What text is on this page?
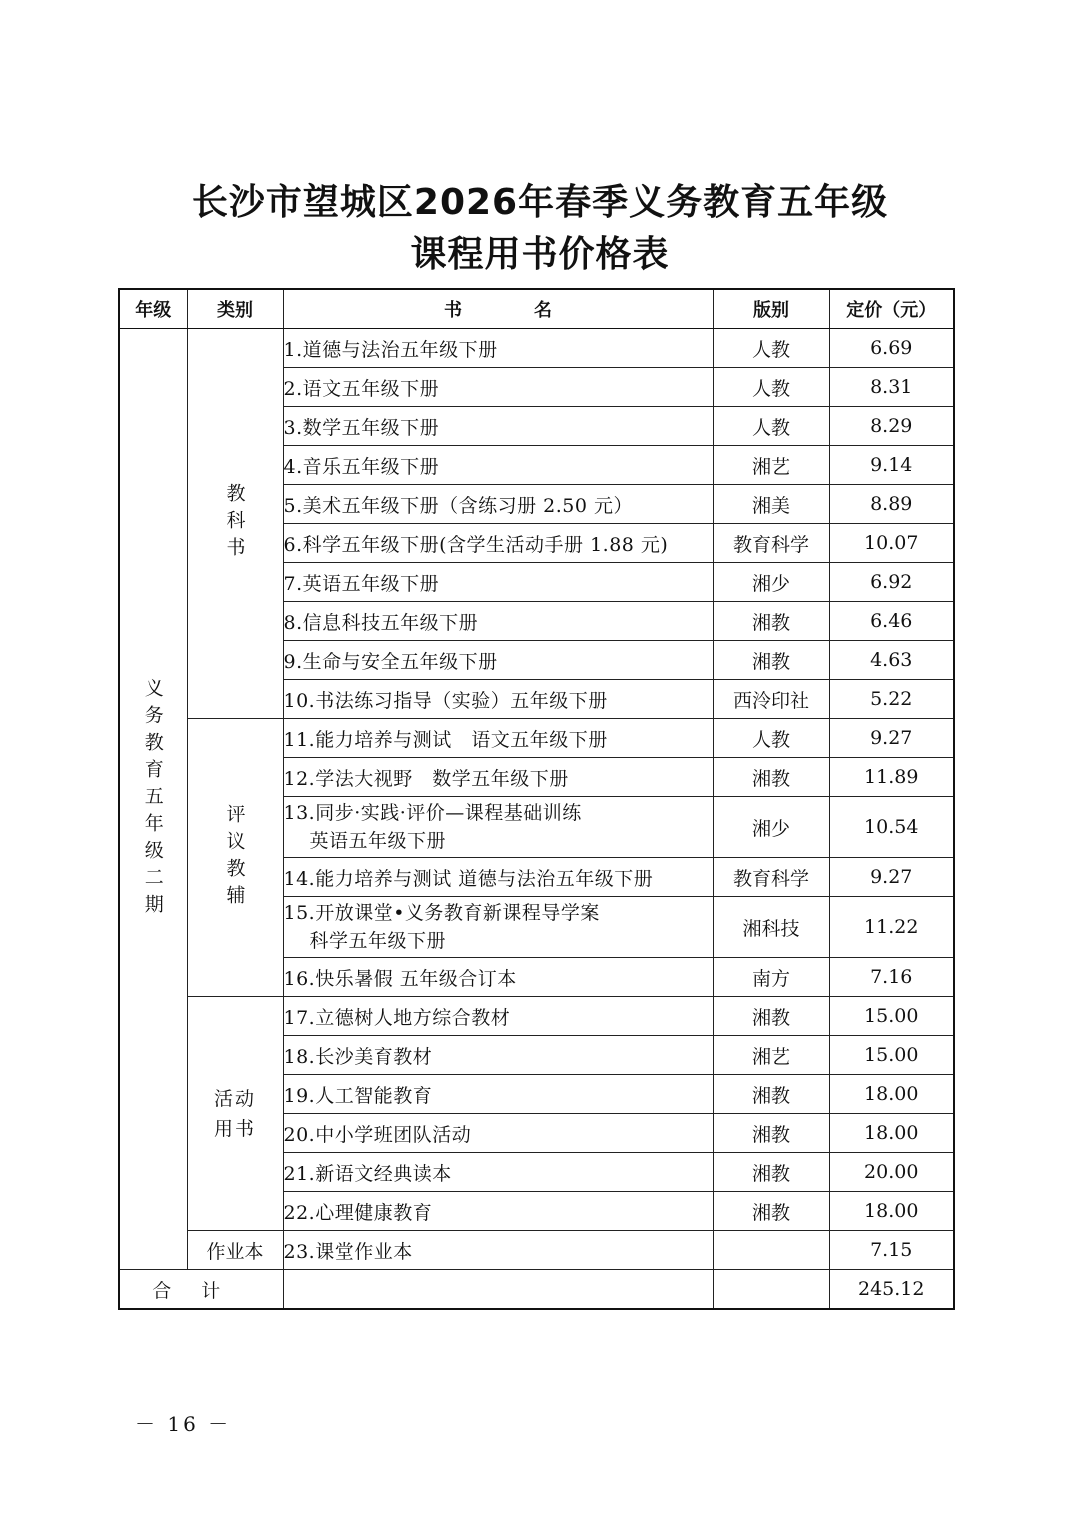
长沙市望城区2026年春季义务教育五年级
课程用书价格表
年级	类别	书　　　　名	版别	定价（元）
义务教育五年级二期	教科书	1.道德与法治五年级下册	人教	6.69
		2.语文五年级下册	人教	8.31
		3.数学五年级下册	人教	8.29
		4.音乐五年级下册	湘艺	9.14
		5.美术五年级下册（含练习册 2.50 元）	湘美	8.89
		6.科学五年级下册(含学生活动手册 1.88 元)	教育科学	10.07
		7.英语五年级下册	湘少	6.92
		8.信息科技五年级下册	湘教	6.46
		9.生命与安全五年级下册	湘教	4.63
		10.书法练习指导（实验）五年级下册	西泠印社	5.22
	评议教辅	11.能力培养与测试　语文五年级下册	人教	9.27
		12.学法大视野　数学五年级下册	湘教	11.89
		13.同步·实践·评价—课程基础训练
英语五年级下册	湘少	10.54
		14.能力培养与测试 道德与法治五年级下册	教育科学	9.27
		15.开放课堂•义务教育新课程导学案
科学五年级下册	湘科技	11.22
		16.快乐暑假 五年级合订本	南方	7.16
	活动用书	17.立德树人地方综合教材	湘教	15.00
		18.长沙美育教材	湘艺	15.00
		19.人工智能教育	湘教	18.00
		20.中小学班团队活动	湘教	18.00
		21.新语文经典读本	湘教	20.00
		22.心理健康教育	湘教	18.00
	作业本	23.课堂作业本		7.15
合计				245.12
－ 16 －
